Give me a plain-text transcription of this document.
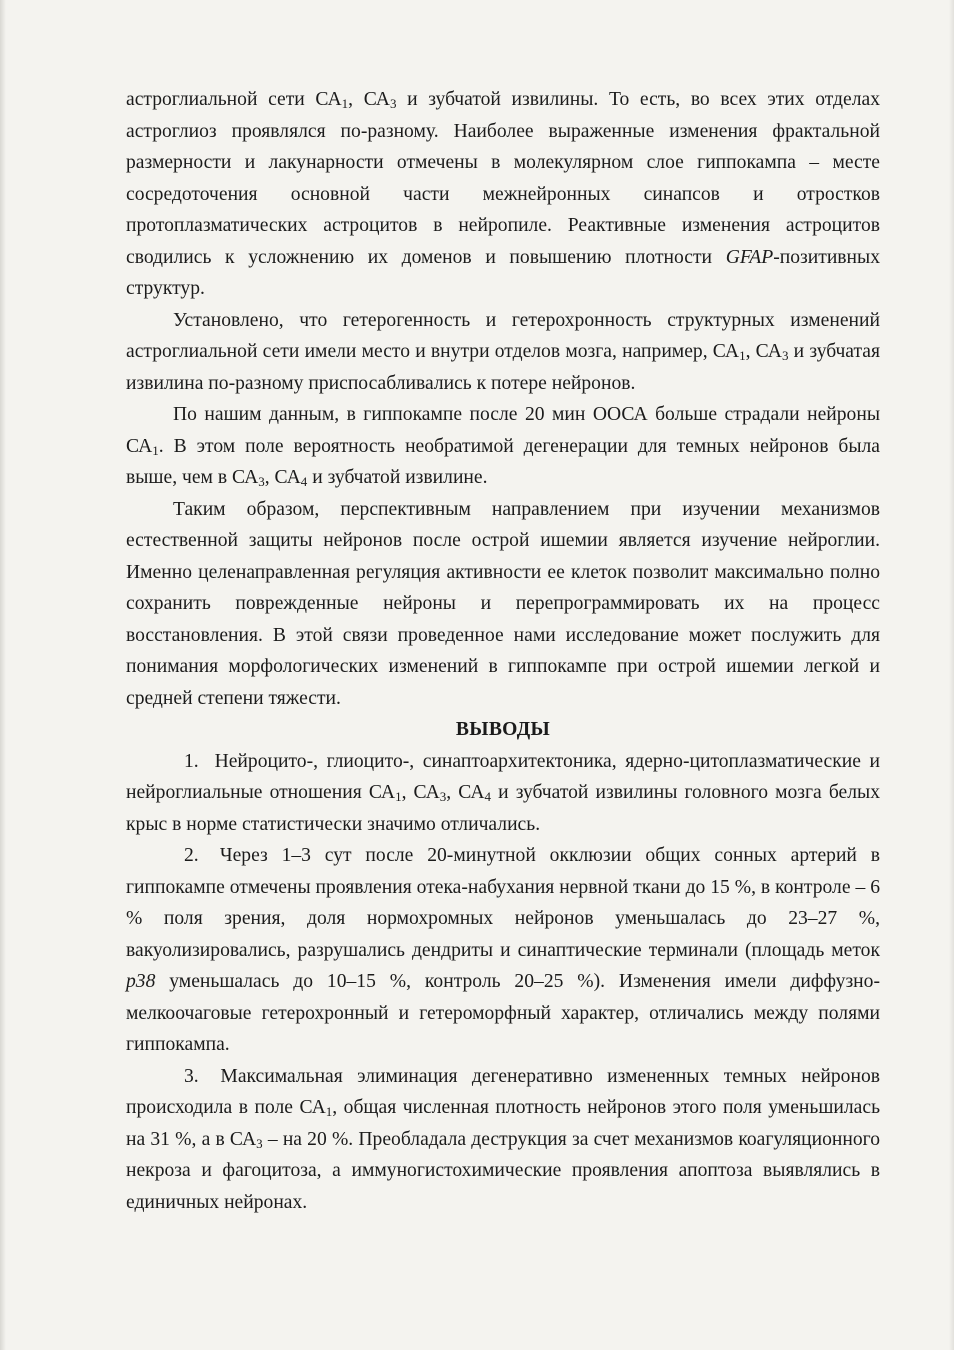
астроглиальной сети $СА_1$, $СА_3$ и зубчатой извилины. То есть, во всех этих отделах астроглиоз проявлялся по-разному. Наиболее выраженные изменения фрактальной размерности и лакунарности отмечены в молекулярном слое гиппокампа – месте сосредоточения основной части межнейронных синапсов и отростков протоплазматических астроцитов в нейропиле. Реактивные изменения астроцитов сводились к усложнению их доменов и повышению плотности GFAP-позитивных структур.

Установлено, что гетерогенность и гетерохронность структурных изменений астроглиальной сети имели место и внутри отделов мозга, например, $СА_1$, $СА_3$ и зубчатая извилина по-разному приспосабливались к потере нейронов.

По нашим данным, в гиппокампе после 20 мин ООСА больше страдали нейроны $СА_1$. В этом поле вероятность необратимой дегенерации для темных нейронов была выше, чем в $СА_3$, $СА_4$ и зубчатой извилине.

Таким образом, перспективным направлением при изучении механизмов естественной защиты нейронов после острой ишемии является изучение нейроглии. Именно целенаправленная регуляция активности ее клеток позволит максимально полно сохранить поврежденные нейроны и перепрограммировать их на процесс восстановления. В этой связи проведенное нами исследование может послужить для понимания морфологических изменений в гиппокампе при острой ишемии легкой и средней степени тяжести.

ВЫВОДЫ

1. Нейроцито-, глиоцито-, синаптоархитектоника, ядерно-цитоплазматические и нейроглиальные отношения $СА_1$, $СА_3$, $СА_4$ и зубчатой извилины головного мозга белых крыс в норме статистически значимо отличались.

2. Через 1–3 сут после 20-минутной окклюзии общих сонных артерий в гиппокампе отмечены проявления отека-набухания нервной ткани до 15 %, в контроле – 6 % поля зрения, доля нормохромных нейронов уменьшалась до 23–27 %, вакуолизировались, разрушались дендриты и синаптические терминали (площадь меток p38 уменьшалась до 10–15 %, контроль 20–25 %). Изменения имели диффузно-мелкоочаговые гетерохронный и гетероморфный характер, отличались между полями гиппокампа.

3. Максимальная элиминация дегенеративно измененных темных нейронов происходила в поле $СА_1$, общая численная плотность нейронов этого поля уменьшилась на 31 %, а в $СА_3$ – на 20 %. Преобладала деструкция за счет механизмов коагуляционного некроза и фагоцитоза, а иммуногистохимические проявления апоптоза выявлялись в единичных нейронах.
